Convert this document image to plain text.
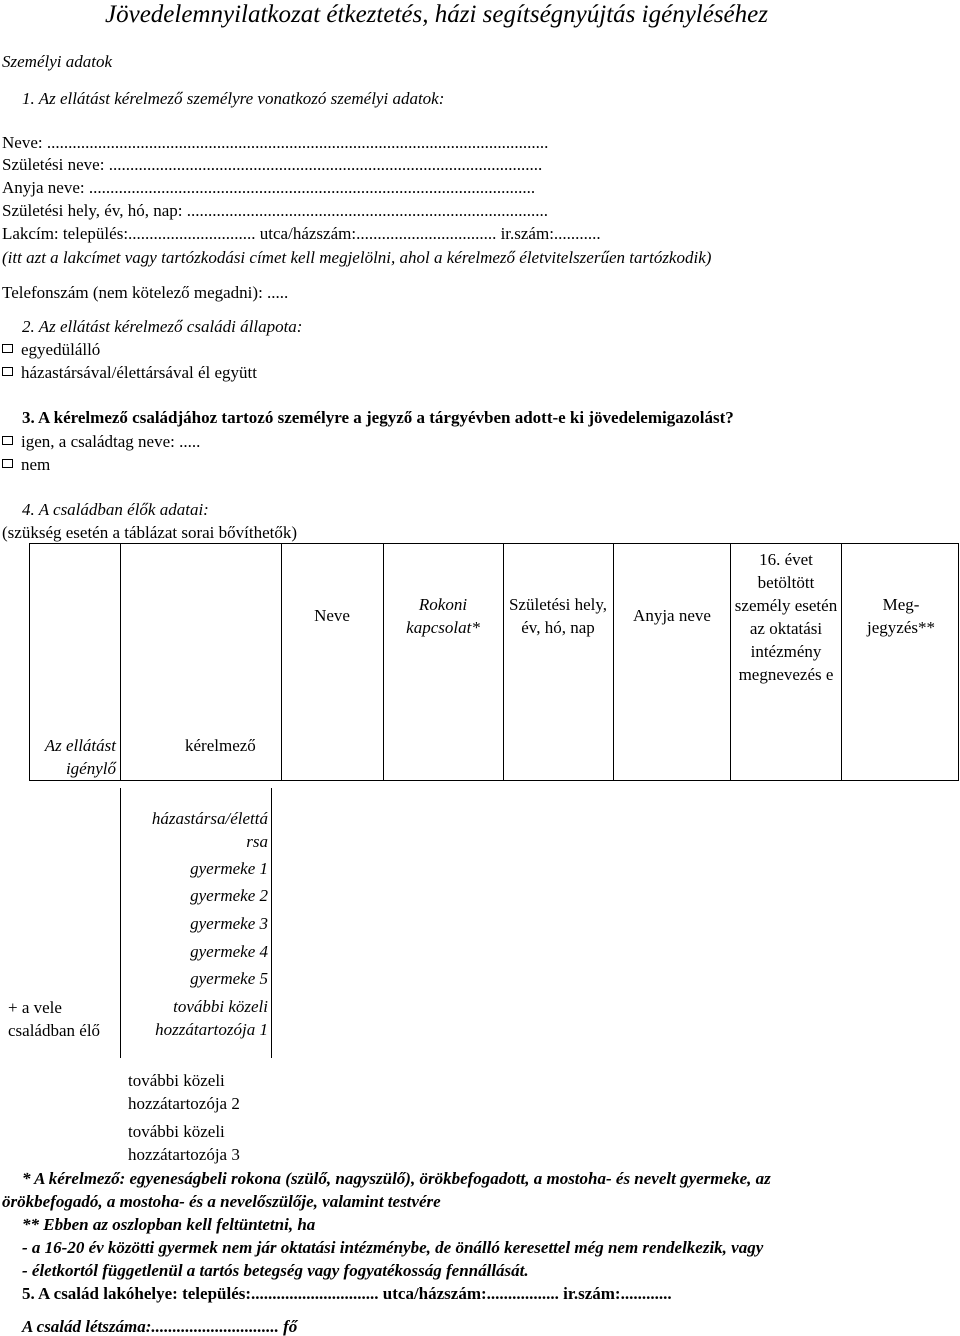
Jövedelemnyilatkozat étkeztetés, házi segítségnyújtás igényléséhez
Személyi adatok
1. Az ellátást kérelmező személyre vonatkozó személyi adatok:
Neve: ......................................................................................................................
Születési neve: ......................................................................................................
Anyja neve: .........................................................................................................
Születési hely, év, hó, nap: .....................................................................................
Lakcím: település:.............................. utca/házszám:................................. ir.szám:...........
(itt azt a lakcímet vagy tartózkodási címet kell megjelölni, ahol a kérelmező életvitelszerűen tartózkodik)
Telefonszám (nem kötelező megadni): .....
2. Az ellátást kérelmező családi állapota:
egyedülálló
házastársával/élettársával él együtt
3. A kérelmező családjához tartozó személyre a jegyző a tárgyévben adott-e ki jövedelemigazolást?
igen, a családtag neve: .....
nem
4. A családban élők adatai:
(szükség esetén a táblázat sorai bővíthetők)
Neve
Rokoni kapcsolat*
Születési hely, év, hó, nap
Anyja neve
16. évet betöltött személy esetén az oktatási intézmény megnevezés e
Meg-jegyzés**
Az ellátást igénylő
kérelmező
+ a vele családban élő
házastársa/élettá rsa
gyermeke 1
gyermeke 2
gyermeke 3
gyermeke 4
gyermeke 5
további közeli hozzátartozója 1
további közeli hozzátartozója 2
további közeli hozzátartozója 3
* A kérelmező: egyeneságbeli rokona (szülő, nagyszülő), örökbefogadott, a mostoha- és nevelt gyermeke, az
örökbefogadó, a mostoha- és a nevelőszülője, valamint testvére
** Ebben az oszlopban kell feltüntetni, ha
- a 16-20 év közötti gyermek nem jár oktatási intézménybe, de önálló keresettel még nem rendelkezik, vagy
- életkortól függetlenül a tartós betegség vagy fogyatékosság fennállását.
5. A család lakóhelye: település:.............................. utca/házszám:................. ir.szám:............
A család létszáma:.............................. fő
